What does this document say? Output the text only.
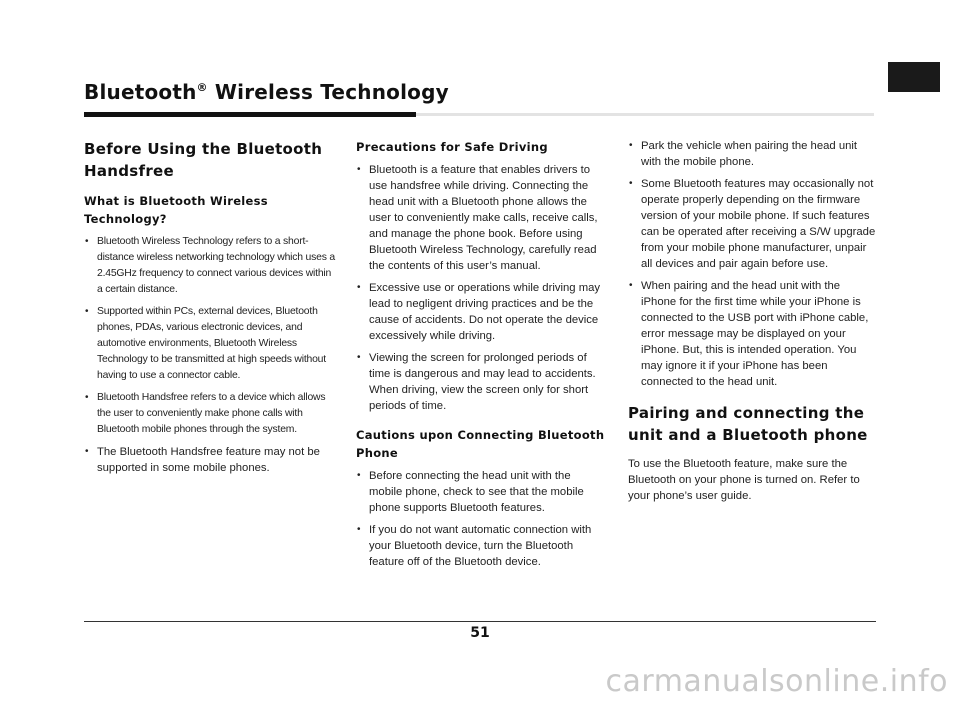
Bluetooth® Wireless Technology
Before Using the Bluetooth Handsfree
What is Bluetooth Wireless Technology?
• Bluetooth Wireless Technology refers to a short-distance wireless networking technology which uses a 2.45GHz frequency to connect various devices within a certain distance.
• Supported within PCs, external devices, Bluetooth phones, PDAs, various electronic devices, and automotive environments, Bluetooth Wireless Technology to be transmitted at high speeds without having to use a connector cable.
• Bluetooth Handsfree refers to a device which allows the user to conveniently make phone calls with Bluetooth mobile phones through the system.
• The Bluetooth Handsfree feature may not be supported in some mobile phones.
Precautions for Safe Driving
• Bluetooth is a feature that enables drivers to use handsfree while driving. Connecting the head unit with a Bluetooth phone allows the user to conveniently make calls, receive calls, and manage the phone book. Before using Bluetooth Wireless Technology, carefully read the contents of this user’s manual.
• Excessive use or operations while driving may lead to negligent driving practices and be the cause of accidents. Do not operate the device excessively while driving.
• Viewing the screen for prolonged periods of time is dangerous and may lead to accidents. When driving, view the screen only for short periods of time.
Cautions upon Connecting Bluetooth Phone
• Before connecting the head unit with the mobile phone, check to see that the mobile phone supports Bluetooth features.
• If you do not want automatic connection with your Bluetooth device, turn the Bluetooth feature off of the Bluetooth device.
• Park the vehicle when pairing the head unit with the mobile phone.
• Some Bluetooth features may occasionally not operate properly depending on the firmware version of your mobile phone. If such features can be operated after receiving a S/W upgrade from your mobile phone manufacturer, unpair all devices and pair again before use.
• When pairing and the head unit with the iPhone for the first time while your iPhone is connected to the USB port with iPhone cable, error message may be displayed on your iPhone. But, this is intended operation. You may ignore it if your iPhone has been connected to the head unit.
Pairing and connecting the unit and a Bluetooth phone

To use the Bluetooth feature, make sure the Bluetooth on your phone is turned on. Refer to your phone’s user guide.

51
carmanualsonline.info
